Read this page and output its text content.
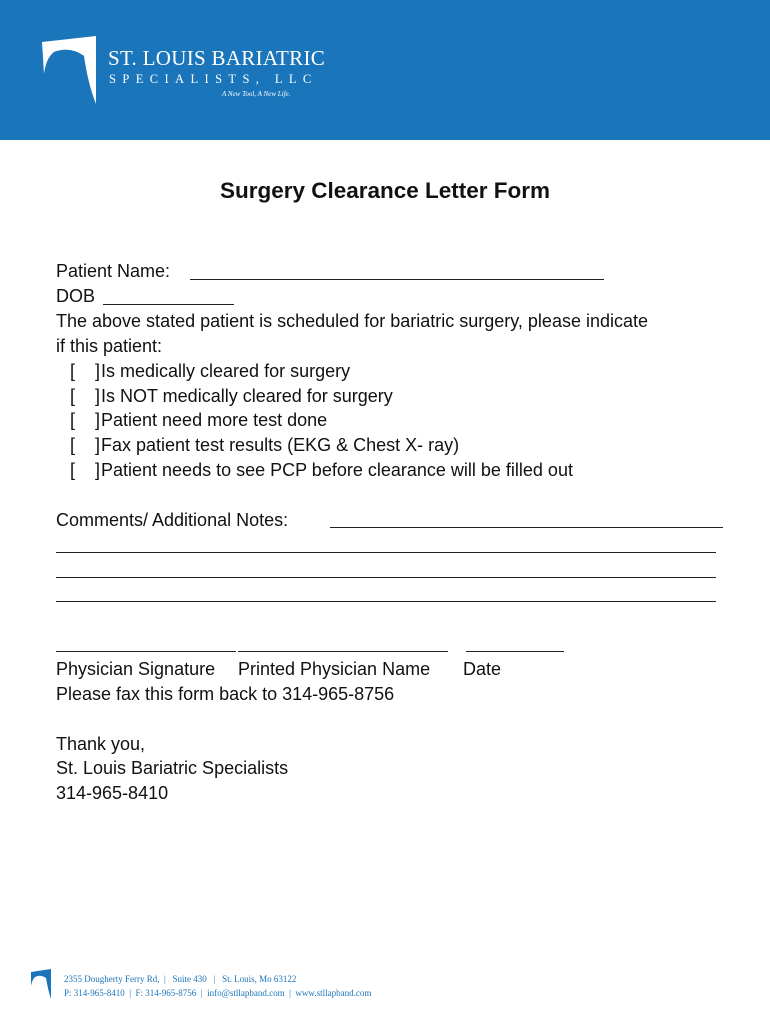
ST. LOUIS BARIATRIC
SPECIALISTS, LLC
A New Tool, A New Life.
Surgery Clearance Letter Form
Patient Name:
DOB
The above stated patient is scheduled for bariatric surgery, please indicate
if this patient:
[    ] Is medically cleared for surgery
[    ] Is NOT medically cleared for surgery
[    ] Patient need more test done
[    ] Fax patient test results (EKG & Chest X- ray)
[    ] Patient needs to see PCP before clearance will be filled out
Comments/ Additional Notes:
Physician Signature Printed Physician Name Date
Please fax this form back to 314-965-8756
Thank you,
St. Louis Bariatric Specialists
314-965-8410
2355 Dougherty Ferry Rd,  |   Suite 430   |   St. Louis, Mo 63122
P: 314-965-8410  |  F: 314-965-8756  |  info@stllapband.com  |  www.stllapband.com
